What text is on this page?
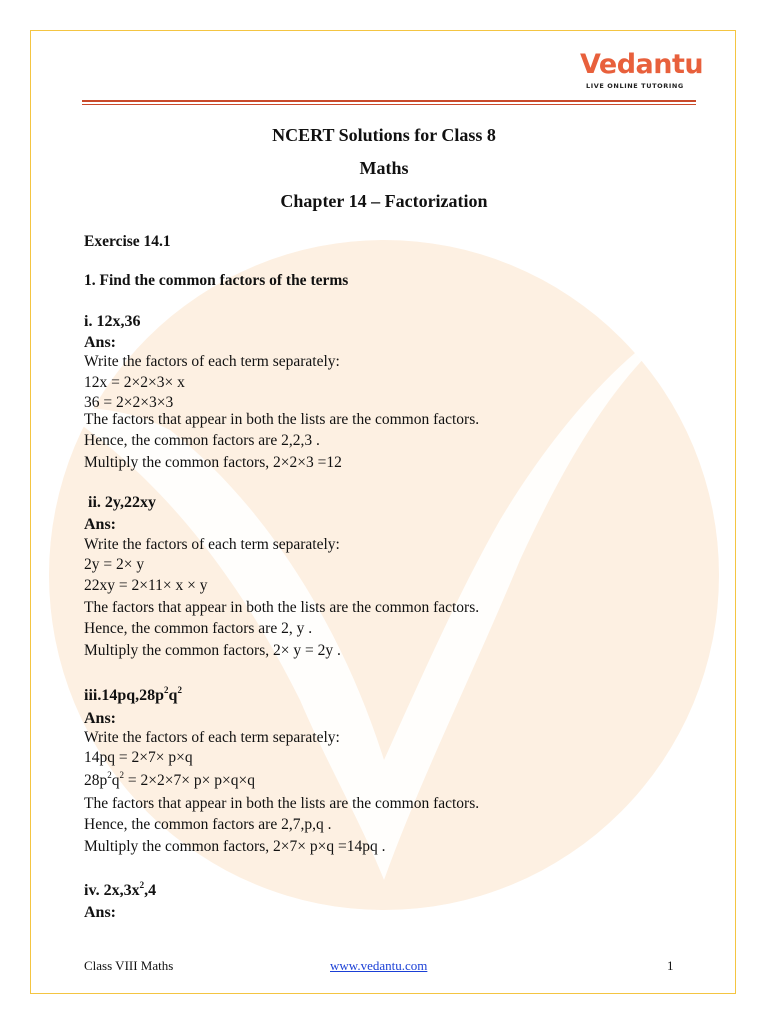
Vedantu
LIVE ONLINE TUTORING
NCERT Solutions for Class 8
Maths
Chapter 14 – Factorization
Exercise 14.1
1. Find the common factors of the terms
i. 12x,36
Ans:
Write the factors of each term separately:
12x = 2×2×3× x
36 = 2×2×3×3
The factors that appear in both the lists are the common factors.
Hence, the common factors are 2,2,3 .
Multiply the common factors, 2×2×3 =12
ii. 2y,22xy
Ans:
Write the factors of each term separately:
2y = 2× y
22xy = 2×11× x × y
The factors that appear in both the lists are the common factors.
Hence, the common factors are 2, y .
Multiply the common factors, 2× y = 2y .
$iii.14pq,28p^2q^2$
Ans:
Write the factors of each term separately:
14pq = 2×7× p×q
$28p^2q^2 = 2\times 2\times 7\times p\times p\times q\times q$
The factors that appear in both the lists are the common factors.
Hence, the common factors are 2,7,p,q .
Multiply the common factors, 2×7× p×q =14pq .
iv. $2x,3x^2,4$
Ans:
Class VIII Maths	www.vedantu.com	1
